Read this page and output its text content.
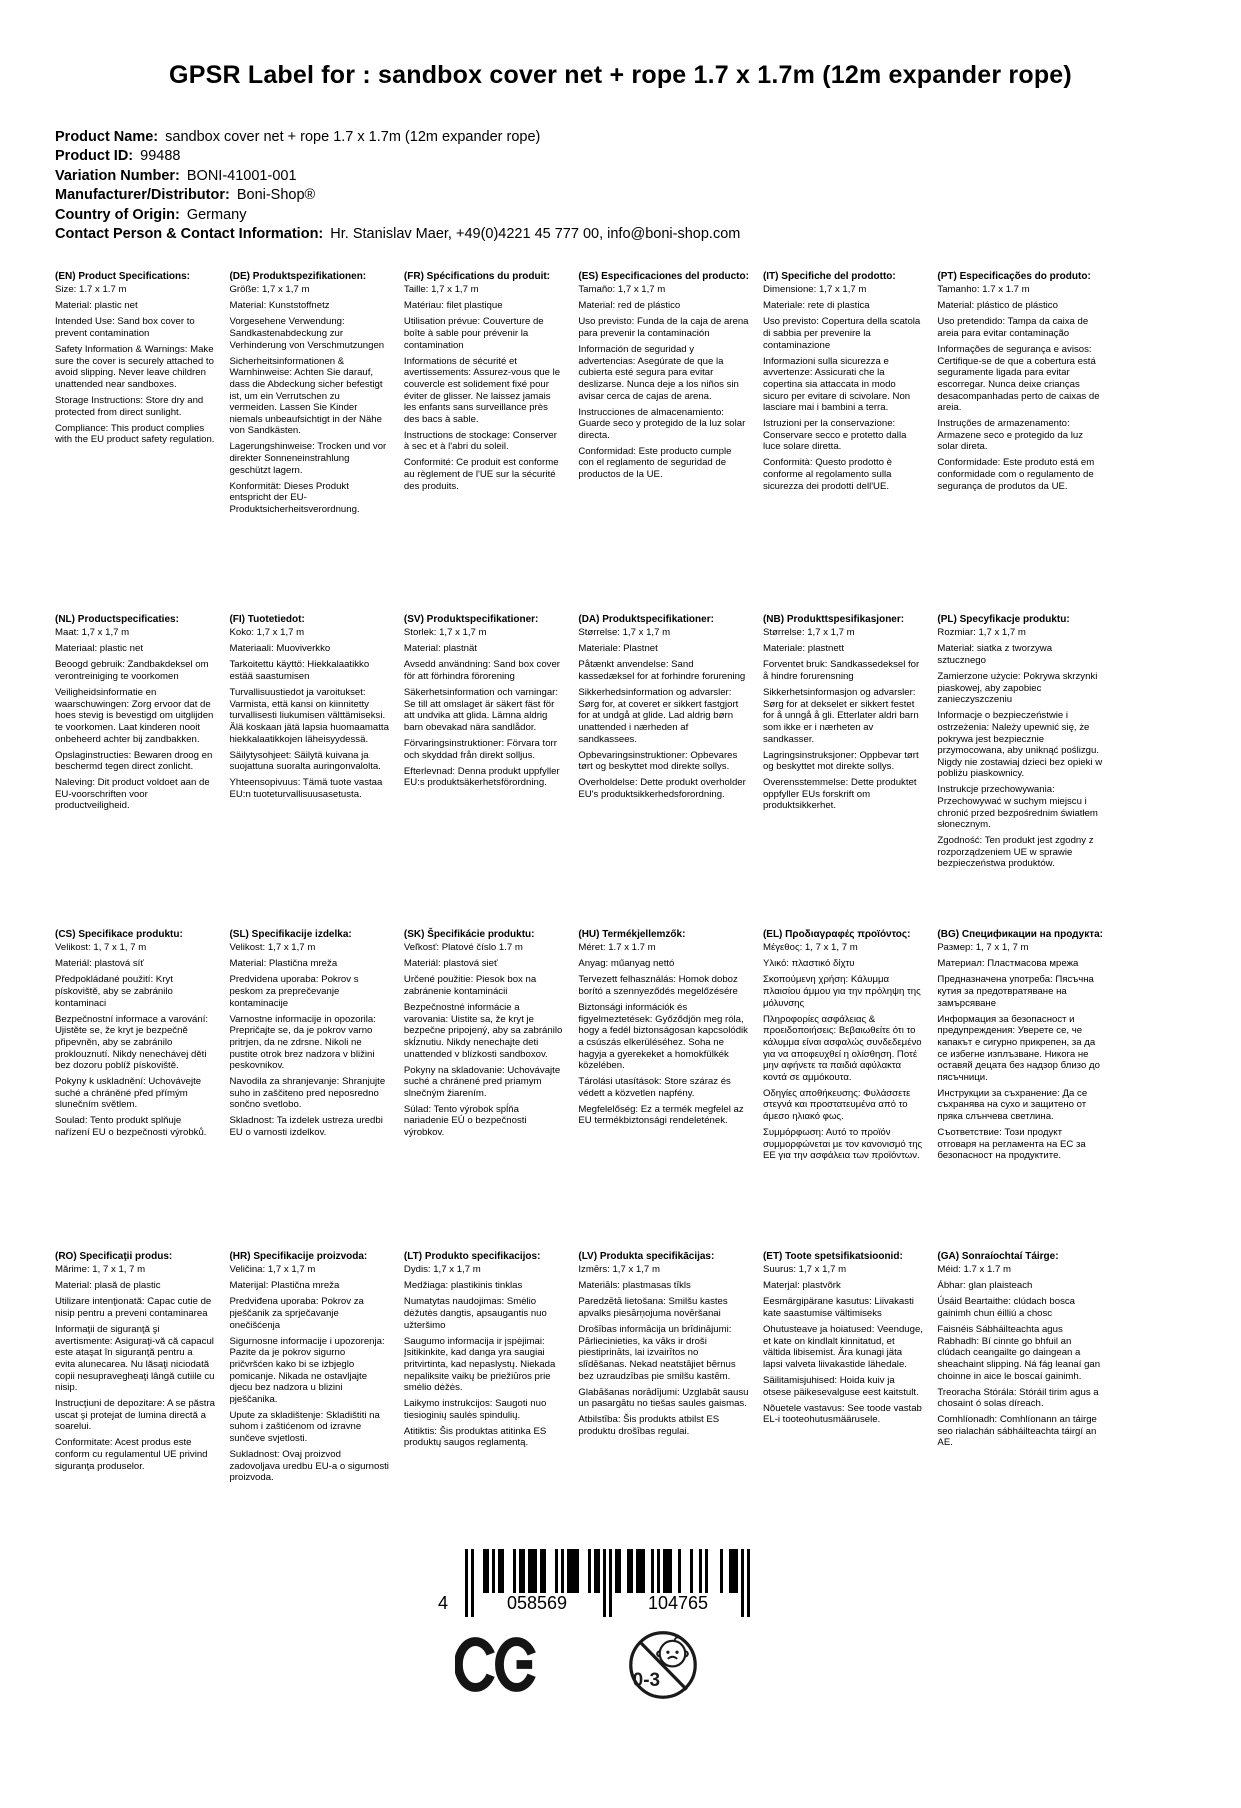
GPSR Label for : sandbox cover net + rope 1.7 x 1.7m (12m expander rope)
Product Name: sandbox cover net + rope 1.7 x 1.7m (12m expander rope)
Product ID: 99488
Variation Number: BONI-41001-001
Manufacturer/Distributor: Boni-Shop®
Country of Origin: Germany
Contact Person & Contact Information: Hr. Stanislav Maer, +49(0)4221 45 777 00, info@boni-shop.com
(EN) Product Specifications:

Size: 1.7 x 1.7 m

Material: plastic net

Intended Use: Sand box cover to prevent contamination

Safety Information & Warnings: Make sure the cover is securely attached to avoid slipping. Never leave children unattended near sandboxes.

Storage Instructions: Store dry and protected from direct sunlight.

Compliance: This product complies with the EU product safety regulation.

(DE) Produktspezifikationen:

Größe: 1,7 x 1,7 m

Material: Kunststoffnetz

Vorgesehene Verwendung: Sandkastenabdeckung zur Verhinderung von Verschmutzungen

Sicherheitsinformationen & Warnhinweise: Achten Sie darauf, dass die Abdeckung sicher befestigt ist, um ein Verrutschen zu vermeiden. Lassen Sie Kinder niemals unbeaufsichtigt in der Nähe von Sandkästen.

Lagerungshinweise: Trocken und vor direkter Sonneneinstrahlung geschützt lagern.

Konformität: Dieses Produkt entspricht der EU-Produktsicherheitsverordnung.

(FR) Spécifications du produit:

Taille: 1,7 x 1,7 m

Matériau: filet plastique

Utilisation prévue: Couverture de boîte à sable pour prévenir la contamination

Informations de sécurité et avertissements: Assurez-vous que le couvercle est solidement fixé pour éviter de glisser. Ne laissez jamais les enfants sans surveillance près des bacs à sable.

Instructions de stockage: Conserver à sec et à l'abri du soleil.

Conformité: Ce produit est conforme au règlement de l'UE sur la sécurité des produits.

(ES) Especificaciones del producto:

Tamaño: 1,7 x 1,7 m

Material: red de plástico

Uso previsto: Funda de la caja de arena para prevenir la contaminación

Información de seguridad y advertencias: Asegúrate de que la cubierta esté segura para evitar deslizarse. Nunca deje a los niños sin avisar cerca de cajas de arena.

Instrucciones de almacenamiento: Guarde seco y protegido de la luz solar directa.

Conformidad: Este producto cumple con el reglamento de seguridad de productos de la UE.

(IT) Specifiche del prodotto:

Dimensione: 1,7 x 1,7 m

Materiale: rete di plastica

Uso previsto: Copertura della scatola di sabbia per prevenire la contaminazione

Informazioni sulla sicurezza e avvertenze: Assicurati che la copertina sia attaccata in modo sicuro per evitare di scivolare. Non lasciare mai i bambini a terra.

Istruzioni per la conservazione: Conservare secco e protetto dalla luce solare diretta.

Conformità: Questo prodotto è conforme al regolamento sulla sicurezza dei prodotti dell'UE.

(PT) Especificações do produto:

Tamanho: 1.7 x 1.7 m

Material: plástico de plástico

Uso pretendido: Tampa da caixa de areia para evitar contaminação

Informações de segurança e avisos: Certifique-se de que a cobertura está seguramente ligada para evitar escorregar. Nunca deixe crianças desacompanhadas perto de caixas de areia.

Instruções de armazenamento: Armazene seco e protegido da luz solar direta.

Conformidade: Este produto está em conformidade com o regulamento de segurança de produtos da UE.

(NL) Productspecificaties:

Maat: 1,7 x 1,7 m

Materiaal: plastic net

Beoogd gebruik: Zandbakdeksel om verontreiniging te voorkomen

Veiligheidsinformatie en waarschuwingen: Zorg ervoor dat de hoes stevig is bevestigd om uitglijden te voorkomen. Laat kinderen nooit onbeheerd achter bij zandbakken.

Opslaginstructies: Bewaren droog en beschermd tegen direct zonlicht.

Naleving: Dit product voldoet aan de EU-voorschriften voor productveiligheid.

(FI) Tuotetiedot:

Koko: 1,7 x 1,7 m

Materiaali: Muoviverkko

Tarkoitettu käyttö: Hiekkalaatikko estää saastumisen

Turvallisuustiedot ja varoitukset: Varmista, että kansi on kiinnitetty turvallisesti liukumisen välttämiseksi. Älä koskaan jätä lapsia huomaamatta hiekkalaatikkojen läheisyydessä.

Säilytysohjeet: Säilytä kuivana ja suojattuna suoralta auringonvalolta.

Yhteensopivuus: Tämä tuote vastaa EU:n tuoteturvallisuusasetusta.

(SV) Produktspecifikationer:

Storlek: 1,7 x 1,7 m

Material: plastnät

Avsedd användning: Sand box cover för att förhindra förorening

Säkerhetsinformation och varningar: Se till att omslaget är säkert fäst för att undvika att glida. Lämna aldrig barn obevakad nära sandlådor.

Förvaringsinstruktioner: Förvara torr och skyddad från direkt solljus.

Efterlevnad: Denna produkt uppfyller EU:s produktsäkerhetsförordning.

(DA) Produktspecifikationer:

Størrelse: 1,7 x 1,7 m

Materiale: Plastnet

Påtænkt anvendelse: Sand kassedæksel for at forhindre forurening

Sikkerhedsinformation og advarsler: Sørg for, at coveret er sikkert fastgjort for at undgå at glide. Lad aldrig børn unattended i nærheden af sandkassees.

Opbevaringsinstruktioner: Opbevares tørt og beskyttet mod direkte sollys.

Overholdelse: Dette produkt overholder EU's produktsikkerhedsforordning.

(NB) Produkttspesifikasjoner:

Størrelse: 1,7 x 1,7 m

Materiale: plastnett

Forventet bruk: Sandkassedeksel for å hindre forurensning

Sikkerhetsinformasjon og advarsler: Sørg for at dekselet er sikkert festet for å unngå å gli. Etterlater aldri barn som ikke er i nærheten av sandkasser.

Lagringsinstruksjoner: Oppbevar tørt og beskyttet mot direkte sollys.

Overensstemmelse: Dette produktet oppfyller EUs forskrift om produktsikkerhet.

(PL) Specyfikacje produktu:

Rozmiar: 1,7 x 1,7 m

Materiał: siatka z tworzywa sztucznego

Zamierzone użycie: Pokrywa skrzynki piaskowej, aby zapobiec zanieczyszczeniu

Informacje o bezpieczeństwie i ostrzeżenia: Należy upewnić się, że pokrywa jest bezpiecznie przymocowana, aby uniknąć poślizgu. Nigdy nie zostawiaj dzieci bez opieki w pobliżu piaskownicy.

Instrukcje przechowywania: Przechowywać w suchym miejscu i chronić przed bezpośrednim światłem słonecznym.

Zgodność: Ten produkt jest zgodny z rozporządzeniem UE w sprawie bezpieczeństwa produktów.

(CS) Specifikace produktu:

Velikost: 1, 7 x 1, 7 m

Materiál: plastová síť

Předpokládané použití: Kryt pískoviště, aby se zabránilo kontaminaci

Bezpečnostní informace a varování: Ujistěte se, že kryt je bezpečně připevněn, aby se zabránilo proklouznutí. Nikdy nenechávej děti bez dozoru poblíž pískoviště.

Pokyny k uskladnění: Uchovávejte suché a chráněné před přímým slunečním světlem.

Soulad: Tento produkt splňuje nařízení EU o bezpečnosti výrobků.

(SL) Specifikacije izdelka:

Velikost: 1,7 x 1,7 m

Material: Plastična mreža

Predvidena uporaba: Pokrov s peskom za preprečevanje kontaminacije

Varnostne informacije in opozorila: Prepričajte se, da je pokrov varno pritrjen, da ne zdrsne. Nikoli ne pustite otrok brez nadzora v bližini peskovnikov.

Navodila za shranjevanje: Shranjujte suho in zaščiteno pred neposredno sončno svetlobo.

Skladnost: Ta izdelek ustreza uredbi EU o varnosti izdelkov.

(SK) Špecifikácie produktu:

Veľkosť: Platové číslo 1.7 m

Materiál: plastová sieť

Určené použitie: Piesok box na zabránenie kontaminácii

Bezpečnostné informácie a varovania: Uistite sa, že kryt je bezpečne pripojený, aby sa zabránilo skĺznutiu. Nikdy nenechajte deti unattended v blízkosti sandboxov.

Pokyny na skladovanie: Uchovávajte suché a chránené pred priamym slnečným žiarením.

Súlad: Tento výrobok spĺňa nariadenie EÚ o bezpečnosti výrobkov.

(HU) Termékjellemzők:

Méret: 1.7 x 1.7 m

Anyag: műanyag nettó

Tervezett felhasználás: Homok doboz borító a szennyeződés megelőzésére

Biztonsági információk és figyelmeztetések: Győződjön meg róla, hogy a fedél biztonságosan kapcsolódik a csúszás elkerüléséhez. Soha ne hagyja a gyerekeket a homokfülkék közelében.

Tárolási utasítások: Store száraz és védett a közvetlen napfény.

Megfelelőség: Ez a termék megfelel az EU termékbiztonsági rendeletének.

(EL) Προδιαγραφές προϊόντος:

Μέγεθος: 1, 7 x 1, 7 m

Υλικό: πλαστικό δίχτυ

Σκοπούμενη χρήση: Κάλυμμα πλαισίου άμμου για την πρόληψη της μόλυνσης

Πληροφορίες ασφάλειας & προειδοποιήσεις: Βεβαιωθείτε ότι το κάλυμμα είναι ασφαλώς συνδεδεμένο για να αποφευχθεί η ολίσθηση. Ποτέ μην αφήνετε τα παιδιά αφύλακτα κοντά σε αμμόκουτα.

Οδηγίες αποθήκευσης: Φυλάσσετε στεγνά και προστατευμένα από το άμεσο ηλιακό φως.

Συμμόρφωση: Αυτό το προϊόν συμμορφώνεται με τον κανονισμό της ΕΕ για την ασφάλεια των προϊόντων.

(BG) Спецификации на продукта:

Размер: 1, 7 x 1, 7 m

Материал: Пластмасова мрежа

Предназначена употреба: Пясъчна кутия за предотвратяване на замърсяване

Информация за безопасност и предупреждения: Уверете се, че капакът е сигурно прикрепен, за да се избегне изплъзване. Никога не оставяй децата без надзор близо до пясъчници.

Инструкции за съхранение: Да се съхранява на сухо и защитено от пряка слънчева светлина.

Съответствие: Този продукт отговаря на регламента на ЕС за безопасност на продуктите.

(RO) Specificaţii produs:

Mărime: 1, 7 x 1, 7 m

Material: plasă de plastic

Utilizare intenţionată: Capac cutie de nisip pentru a preveni contaminarea

Informaţii de siguranţă şi avertismente: Asiguraţi-vă că capacul este ataşat în siguranţă pentru a evita alunecarea. Nu lăsaţi niciodată copii nesupravegheaţi lângă cutiile cu nisip.

Instrucţiuni de depozitare: A se păstra uscat şi protejat de lumina directă a soarelui.

Conformitate: Acest produs este conform cu regulamentul UE privind siguranţa produselor.

(HR) Specifikacije proizvoda:

Veličina: 1,7 x 1,7 m

Materijal: Plastična mreža

Predviđena uporaba: Pokrov za pješčanik za sprječavanje onečišćenja

Sigurnosne informacije i upozorenja: Pazite da je pokrov sigurno pričvršćen kako bi se izbjeglo pomicanje. Nikada ne ostavljajte djecu bez nadzora u blizini pješčanika.

Upute za skladištenje: Skladištiti na suhom i zaštićenom od izravne sunčeve svjetlosti.

Sukladnost: Ovaj proizvod zadovoljava uredbu EU-a o sigurnosti proizvoda.

(LT) Produkto specifikacijos:

Dydis: 1,7 x 1,7 m

Medžiaga: plastikinis tinklas

Numatytas naudojimas: Smėlio dėžutės dangtis, apsaugantis nuo užteršimo

Saugumo informacija ir įspėjimai: Įsitikinkite, kad danga yra saugiai pritvirtinta, kad nepaslystų. Niekada nepaliksite vaikų be priežiūros prie smėlio dėžės.

Laikymo instrukcijos: Saugoti nuo tiesioginių saulės spindulių.

Atitiktis: Šis produktas atitinka ES produktų saugos reglamentą.

(LV) Produkta specifikācijas:

Izmērs: 1,7 x 1,7 m

Materiāls: plastmasas tīkls

Paredzētā lietošana: Smilšu kastes apvalks piesārņojuma novēršanai

Drošības informācija un brīdinājumi: Pārliecinieties, ka vāks ir droši piestiprināts, lai izvairītos no slīdēšanas. Nekad neatstājiet bērnus bez uzraudzības pie smilšu kastēm.

Glabāšanas norādījumi: Uzglabāt sausu un pasargātu no tiešas saules gaismas.

Atbilstība: Šis produkts atbilst ES produktu drošības regulai.

(ET) Toote spetsifikatsioonid:

Suurus: 1,7 x 1,7 m

Materjal: plastvõrk

Eesmärgipärane kasutus: Liivakasti kate saastumise vältimiseks

Ohutusteave ja hoiatused: Veenduge, et kate on kindlalt kinnitatud, et vältida libisemist. Ära kunagi jäta lapsi valveta liivakastide lähedale.

Säilitamisjuhised: Hoida kuiv ja otsese päikesevalguse eest kaitstult.

Nõuetele vastavus: See toode vastab EL-i tooteohutusmäärusele.

(GA) Sonraíochtaí Táirge:

Méid: 1.7 x 1.7 m

Ábhar: glan plaisteach

Úsáid Beartaithe: clúdach bosca gainimh chun éilliú a chosc

Faisnéis Sábháilteachta agus Rabhadh: Bí cinnte go bhfuil an clúdach ceangailte go daingean a sheachaint slipping. Ná fág leanaí gan choinne in aice le boscaí gainimh.

Treoracha Stórála: Stóráil tirim agus a chosaint ó solas díreach.

Comhlíonadh: Comhlíonann an táirge seo rialachán sábháilteachta táirgí an AE.

4	058569	104765
0-3
